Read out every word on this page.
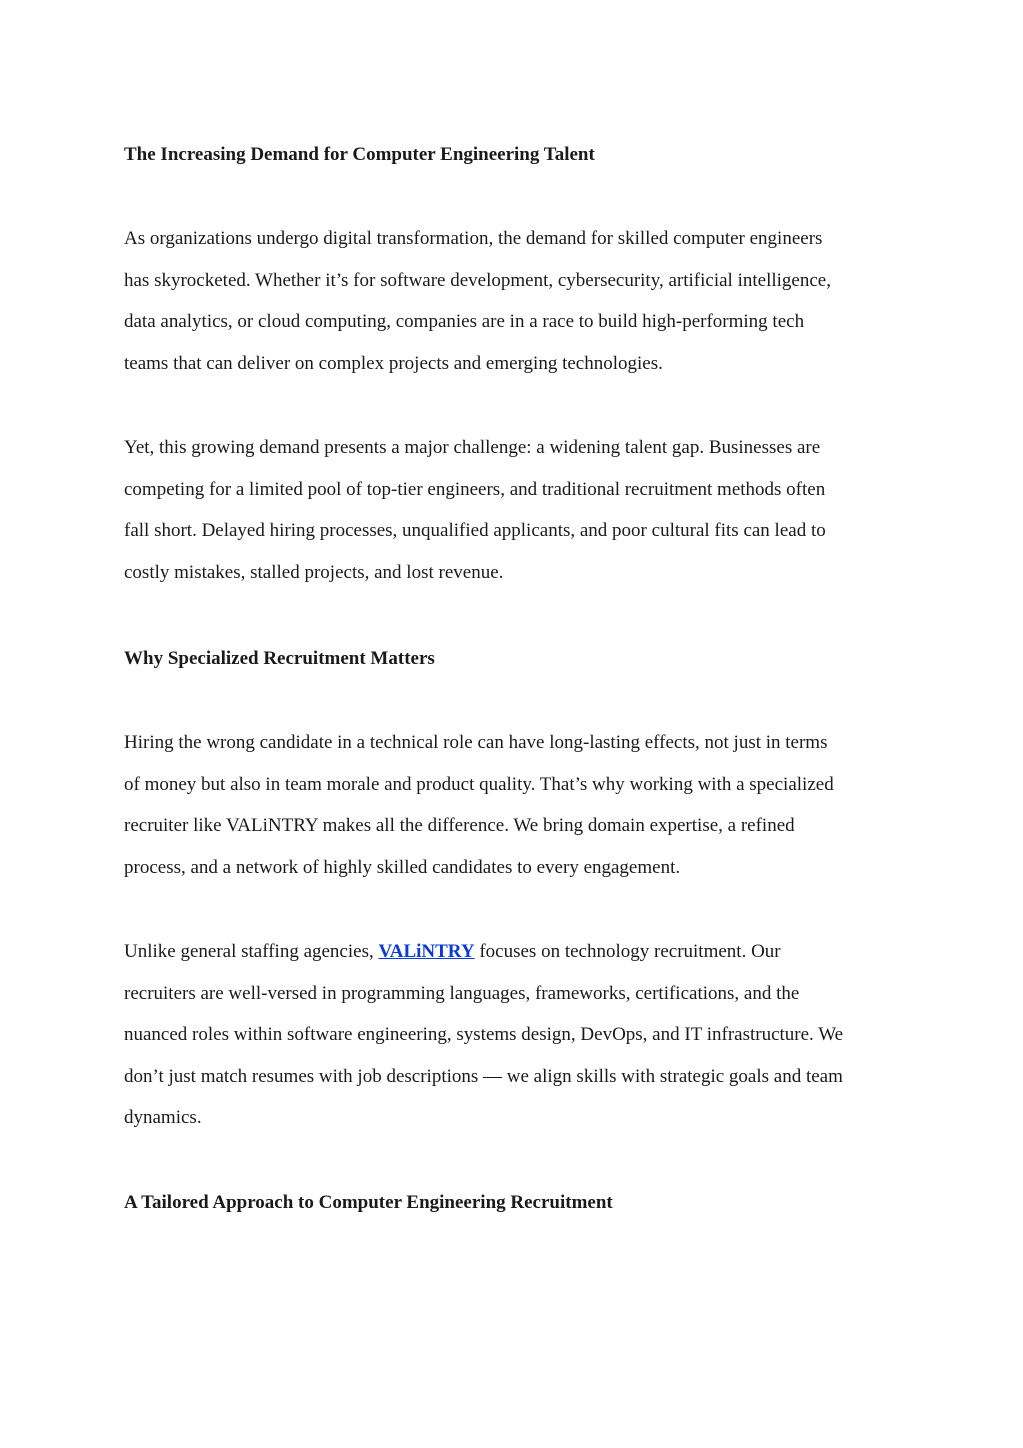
The Increasing Demand for Computer Engineering Talent

As organizations undergo digital transformation, the demand for skilled computer engineers
has skyrocketed. Whether it’s for software development, cybersecurity, artificial intelligence,
data analytics, or cloud computing, companies are in a race to build high-performing tech
teams that can deliver on complex projects and emerging technologies.

Yet, this growing demand presents a major challenge: a widening talent gap. Businesses are
competing for a limited pool of top-tier engineers, and traditional recruitment methods often
fall short. Delayed hiring processes, unqualified applicants, and poor cultural fits can lead to
costly mistakes, stalled projects, and lost revenue.

Why Specialized Recruitment Matters

Hiring the wrong candidate in a technical role can have long-lasting effects, not just in terms
of money but also in team morale and product quality. That’s why working with a specialized
recruiter like VALiNTRY makes all the difference. We bring domain expertise, a refined
process, and a network of highly skilled candidates to every engagement.

Unlike general staffing agencies, VALiNTRY focuses on technology recruitment. Our
recruiters are well-versed in programming languages, frameworks, certifications, and the
nuanced roles within software engineering, systems design, DevOps, and IT infrastructure. We
don’t just match resumes with job descriptions — we align skills with strategic goals and team
dynamics.

A Tailored Approach to Computer Engineering Recruitment
